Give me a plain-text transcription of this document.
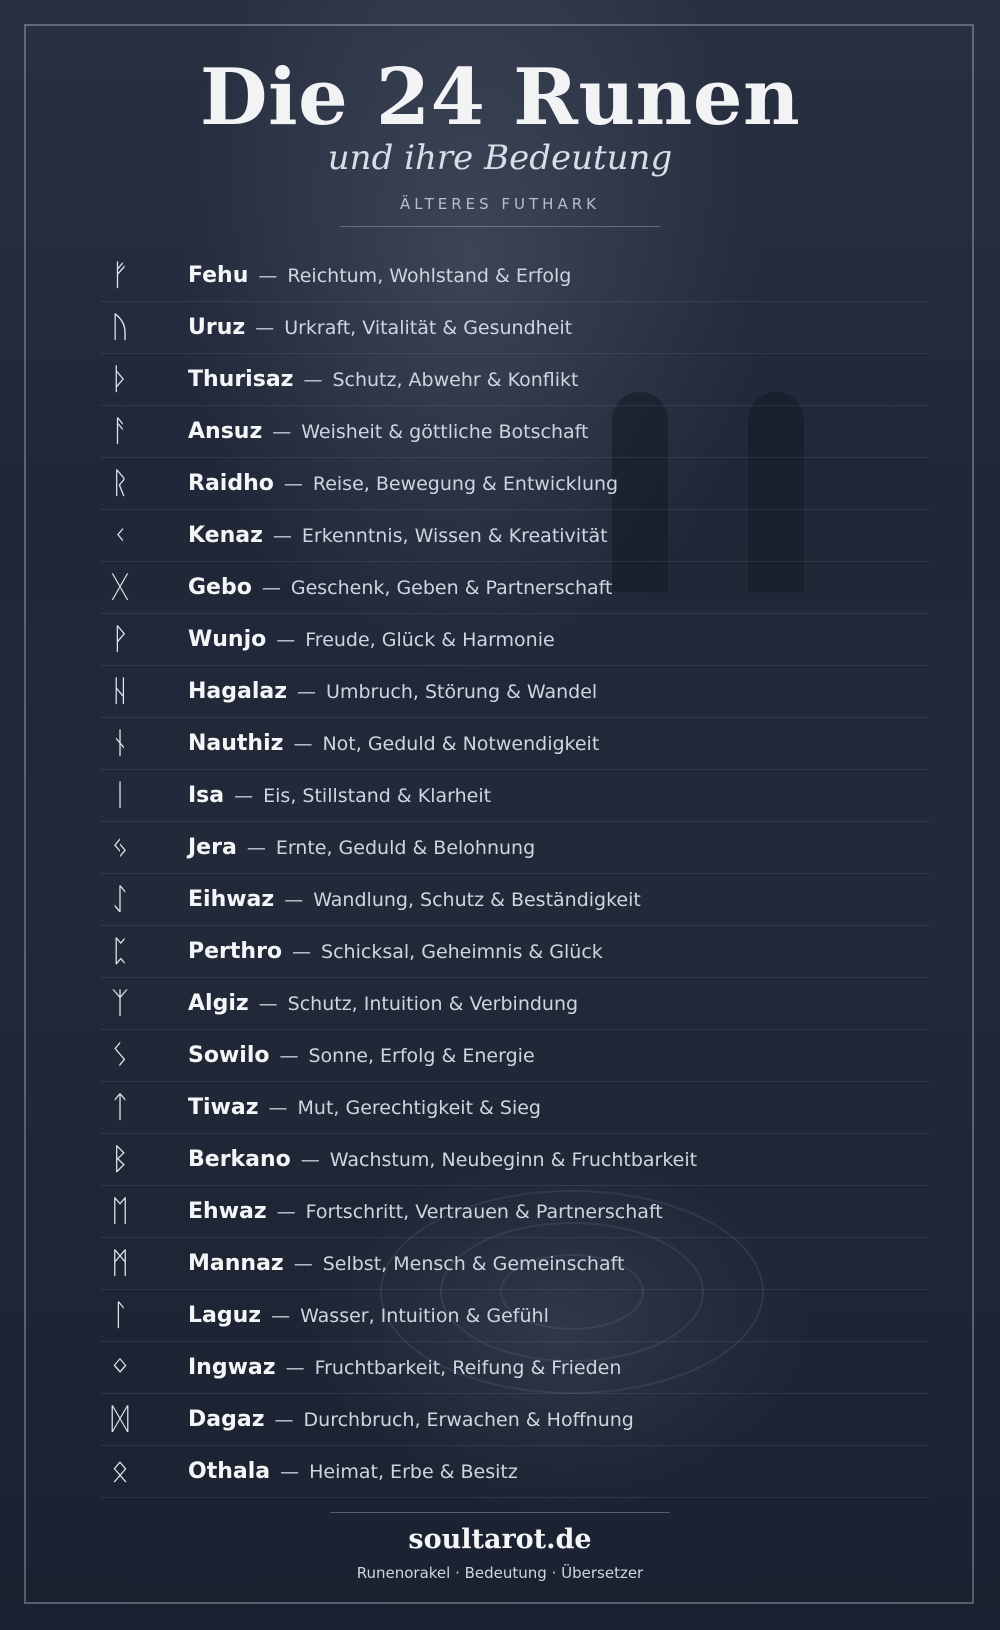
Die 24 Runen
und ihre Bedeutung
ÄLTERES FUTHARK
ᚠ	Fehu — Reichtum, Wohlstand & Erfolg
ᚢ	Uruz — Urkraft, Vitalität & Gesundheit
ᚦ	Thurisaz — Schutz, Abwehr & Konflikt
ᚨ	Ansuz — Weisheit & göttliche Botschaft
ᚱ	Raidho — Reise, Bewegung & Entwicklung
ᚲ	Kenaz — Erkenntnis, Wissen & Kreativität
ᚷ	Gebo — Geschenk, Geben & Partnerschaft
ᚹ	Wunjo — Freude, Glück & Harmonie
ᚺ	Hagalaz — Umbruch, Störung & Wandel
ᚾ	Nauthiz — Not, Geduld & Notwendigkeit
ᛁ	Isa — Eis, Stillstand & Klarheit
ᛃ	Jera — Ernte, Geduld & Belohnung
ᛇ	Eihwaz — Wandlung, Schutz & Beständigkeit
ᛈ	Perthro — Schicksal, Geheimnis & Glück
ᛉ	Algiz — Schutz, Intuition & Verbindung
ᛊ	Sowilo — Sonne, Erfolg & Energie
ᛏ	Tiwaz — Mut, Gerechtigkeit & Sieg
ᛒ	Berkano — Wachstum, Neubeginn & Fruchtbarkeit
ᛖ	Ehwaz — Fortschritt, Vertrauen & Partnerschaft
ᛗ	Mannaz — Selbst, Mensch & Gemeinschaft
ᛚ	Laguz — Wasser, Intuition & Gefühl
ᛜ	Ingwaz — Fruchtbarkeit, Reifung & Frieden
ᛞ	Dagaz — Durchbruch, Erwachen & Hoffnung
ᛟ	Othala — Heimat, Erbe & Besitz
soultarot.de
Runenorakel · Bedeutung · Übersetzer
